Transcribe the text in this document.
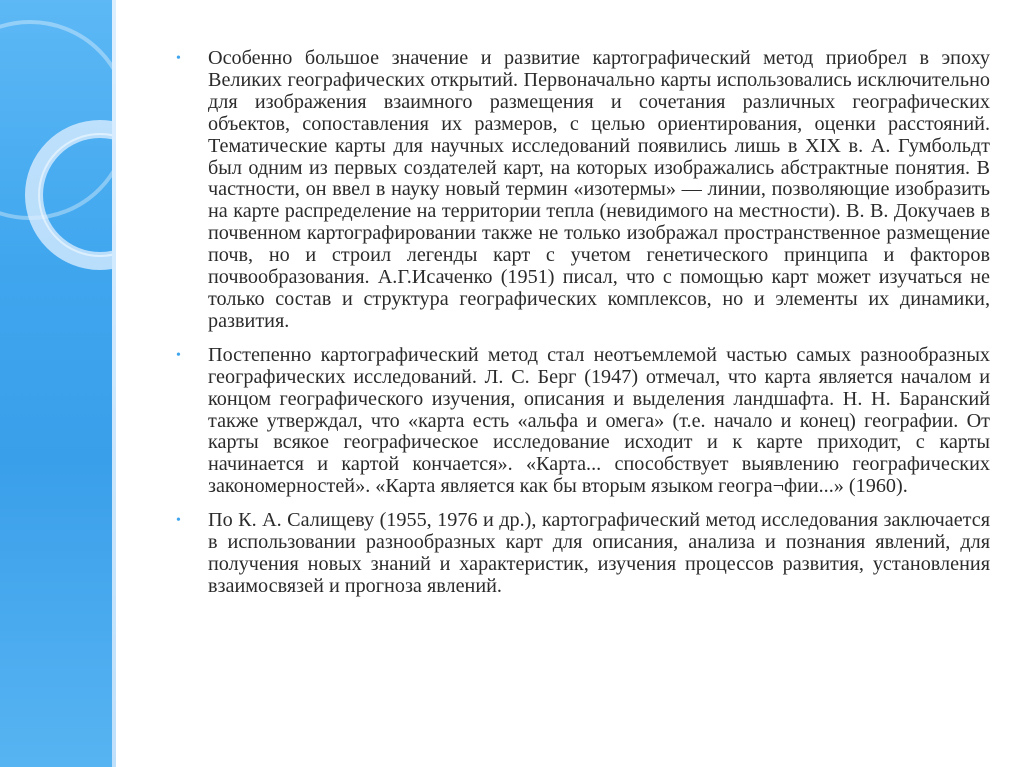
• Особенно большое значение и развитие картографический метод приобрел в эпоху Великих географических открытий. Первоначально карты использовались исключительно для изображения взаимного размещения и сочетания различных географических объектов, сопоставления их размеров, с целью ориентирования, оценки расстояний. Тематические карты для научных исследований появились лишь в XIX в. А. Гумбольдт был одним из первых создателей карт, на которых изображались абстрактные понятия. В частности, он ввел в науку новый термин «изотермы» — линии, позволяющие изобразить на карте распределение на территории тепла (невидимого на местности). В. В. Докучаев в почвенном картографировании также не только изображал пространственное размещение почв, но и строил легенды карт с учетом генетического принципа и факторов почвообразования. А.Г.Исаченко (1951) писал, что с помощью карт может изучаться не только состав и структура географических комплексов, но и элементы их динамики, развития.
• Постепенно картографический метод стал неотъемлемой частью самых разнообразных географических исследований. Л. С. Берг (1947) отмечал, что карта является началом и концом географического изучения, описания и выделения ландшафта. Н. Н. Баранский также утверждал, что «карта есть «альфа и омега» (т.е. начало и конец) географии. От карты всякое географическое исследование исходит и к карте приходит, с карты начинается и картой кончается». «Карта... способствует выявлению географических закономерностей». «Карта является как бы вторым языком геогра¬фии...» (1960).
• По К. А. Салищеву (1955, 1976 и др.), картографический метод исследования заключается в использовании разнообразных карт для описания, анализа и познания явлений, для получения новых знаний и характеристик, изучения процессов развития, установления взаимосвязей и прогноза явлений.
